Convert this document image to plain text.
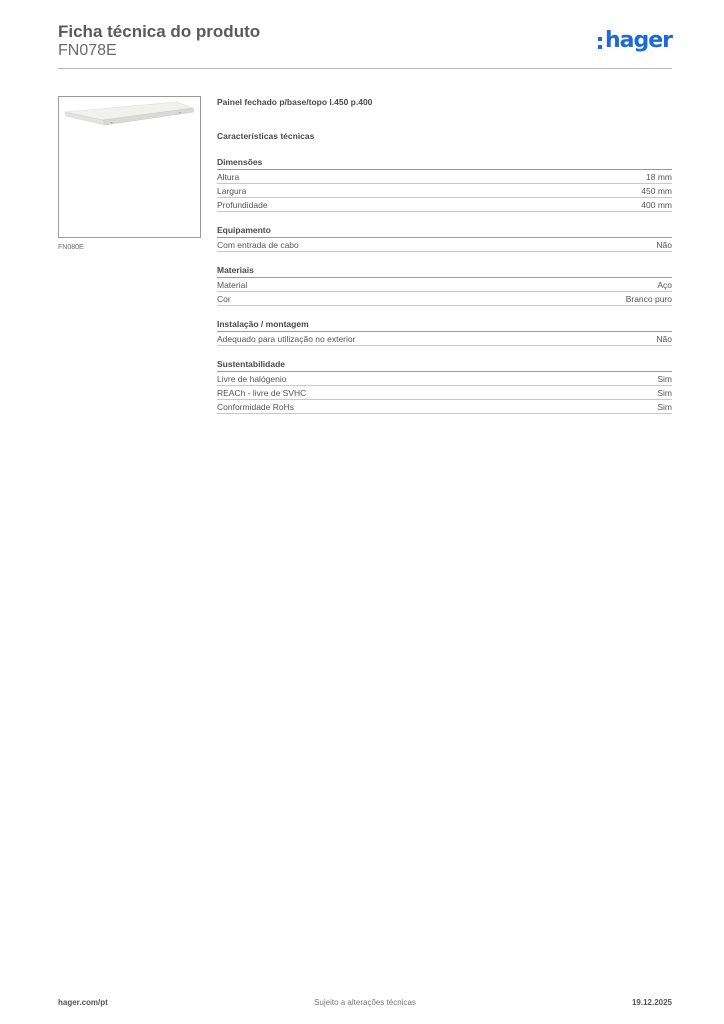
Ficha técnica do produto
FN078E	hager
FN080E
Painel fechado p/base/topo l.450 p.400
Características técnicas
Dimensões
Altura	18 mm
Largura	450 mm
Profundidade	400 mm
Equipamento
Com entrada de cabo	Não
Materiais
Material	Aço
Cor	Branco puro
Instalação / montagem
Adequado para utilização no exterior	Não
Sustentabilidade
Livre de halógenio	Sim
REACh - livre de SVHC	Sim
Conformidade RoHs	Sim
hager.com/pt	Sujeito a alterações técnicas	19.12.2025
